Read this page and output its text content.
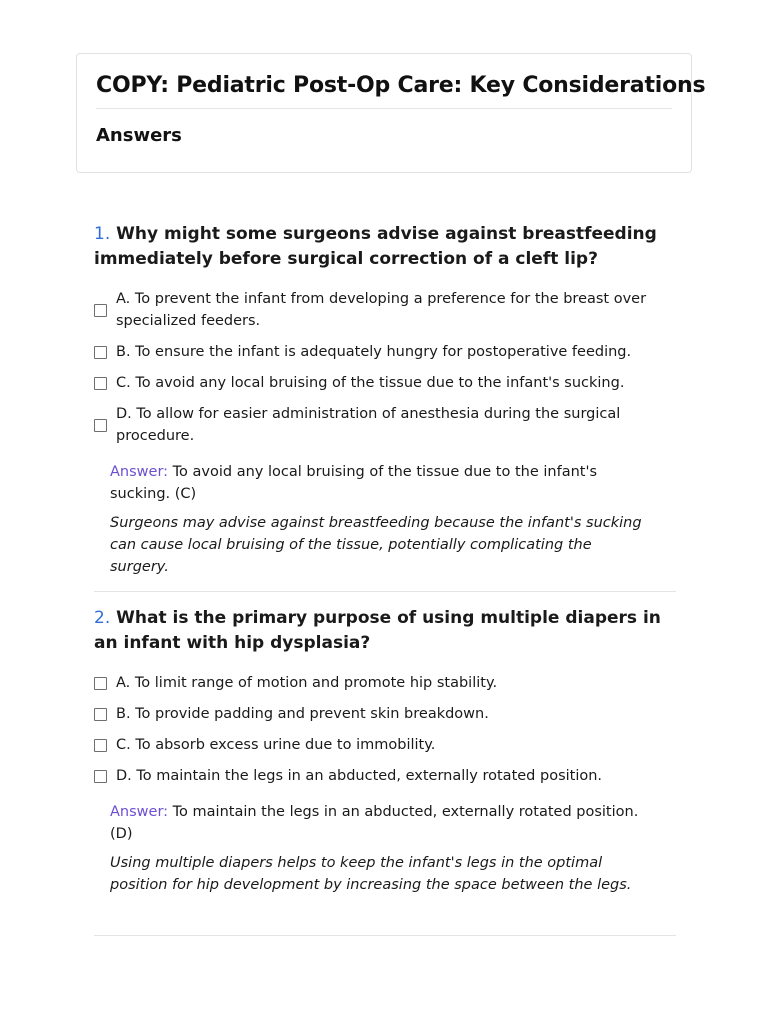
COPY: Pediatric Post-Op Care: Key Considerations
Answers

1. Why might some surgeons advise against breastfeeding immediately before surgical correction of a cleft lip?

A. To prevent the infant from developing a preference for the breast over specialized feeders.
B. To ensure the infant is adequately hungry for postoperative feeding.
C. To avoid any local bruising of the tissue due to the infant's sucking.
D. To allow for easier administration of anesthesia during the surgical procedure.
Answer: To avoid any local bruising of the tissue due to the infant's sucking. (C)
Surgeons may advise against breastfeeding because the infant's sucking can cause local bruising of the tissue, potentially complicating the surgery.

2. What is the primary purpose of using multiple diapers in an infant with hip dysplasia?

A. To limit range of motion and promote hip stability.
B. To provide padding and prevent skin breakdown.
C. To absorb excess urine due to immobility.
D. To maintain the legs in an abducted, externally rotated position.
Answer: To maintain the legs in an abducted, externally rotated position. (D)
Using multiple diapers helps to keep the infant's legs in the optimal position for hip development by increasing the space between the legs.
